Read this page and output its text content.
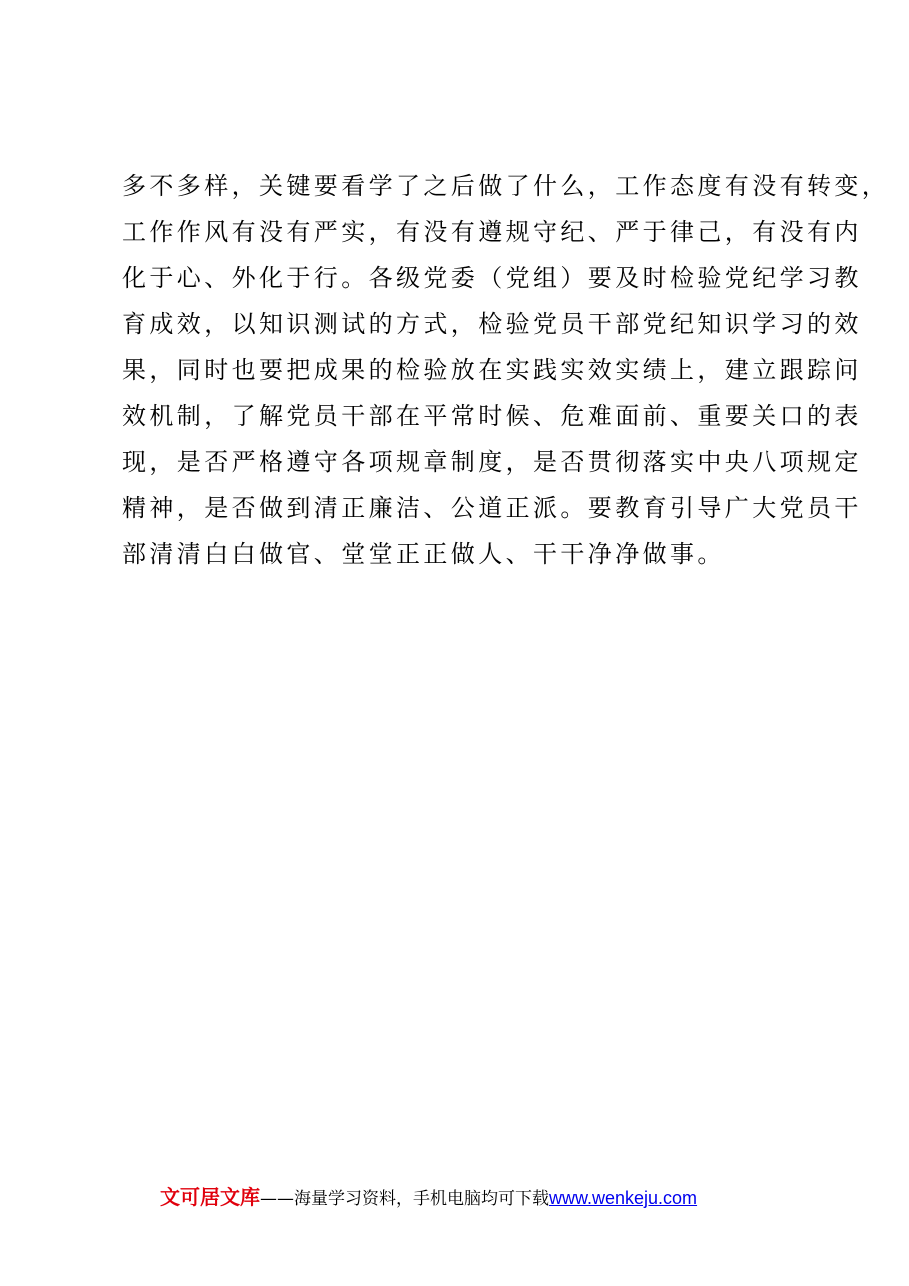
多不多样，关键要看学了之后做了什么，工作态度有没有转变，
工作作风有没有严实，有没有遵规守纪、严于律己，有没有内
化于心、外化于行。各级党委（党组）要及时检验党纪学习教
育成效，以知识测试的方式，检验党员干部党纪知识学习的效
果，同时也要把成果的检验放在实践实效实绩上，建立跟踪问
效机制，了解党员干部在平常时候、危难面前、重要关口的表
现，是否严格遵守各项规章制度，是否贯彻落实中央八项规定
精神，是否做到清正廉洁、公道正派。要教育引导广大党员干
部清清白白做官、堂堂正正做人、干干净净做事。
文可居文库——海量学习资料，手机电脑均可下载www.wenkeju.com
